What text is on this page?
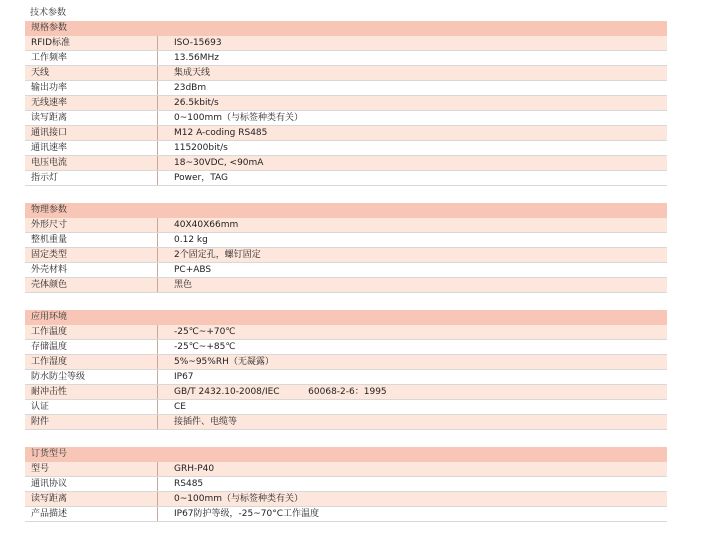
技术参数
规格参数
RFID标准	ISO-15693
工作频率	13.56MHz
天线	集成天线
输出功率	23dBm
无线速率	26.5kbit/s
读写距离	0~100mm（与标签种类有关）
通讯接口	M12 A-coding RS485
通讯速率	115200bit/s
电压电流	18~30VDC, <90mA
指示灯	Power，TAG
物理参数
外形尺寸	40X40X66mm
整机重量	0.12 kg
固定类型	2个固定孔，螺钉固定
外壳材料	PC+ABS
壳体颜色	黑色
应用环境
工作温度	-25℃~+70℃
存储温度	-25℃~+85℃
工作湿度	5%~95%RH（无凝露）
防水防尘等级	IP67
耐冲击性	GB/T 2432.10-2008/IEC          60068-2-6：1995
认证	CE
附件	接插件、电缆等
订货型号
型号	GRH-P40
通讯协议	RS485
读写距离	0~100mm（与标签种类有关）
产品描述	IP67防护等级，-25~70°C工作温度
